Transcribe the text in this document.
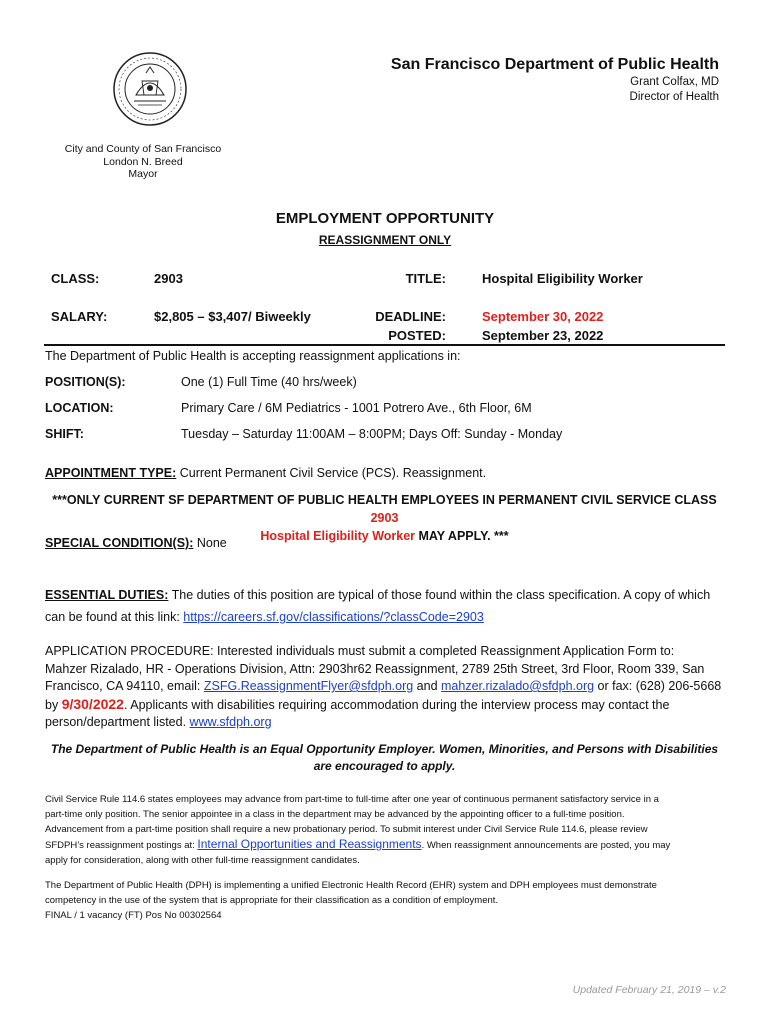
San Francisco Department of Public Health
Grant Colfax, MD
Director of Health
City and County of San Francisco
London N. Breed
Mayor
EMPLOYMENT OPPORTUNITY
REASSIGNMENT ONLY
CLASS:	2903	TITLE:	Hospital Eligibility Worker
SALARY:	$2,805 – $3,407/ Biweekly	DEADLINE:	September 30, 2022
POSTED:	September 23, 2022
The Department of Public Health is accepting reassignment applications in:
POSITION(S):	One (1) Full Time (40 hrs/week)
LOCATION:	Primary Care / 6M Pediatrics - 1001 Potrero Ave., 6th Floor, 6M
SHIFT:	Tuesday – Saturday 11:00AM – 8:00PM; Days Off: Sunday - Monday
APPOINTMENT TYPE: Current Permanent Civil Service (PCS). Reassignment.
***ONLY CURRENT SF DEPARTMENT OF PUBLIC HEALTH EMPLOYEES IN PERMANENT CIVIL SERVICE CLASS 2903
Hospital Eligibility Worker MAY APPLY. ***
SPECIAL CONDITION(S): None
ESSENTIAL DUTIES: The duties of this position are typical of those found within the class specification. A copy of which
can be found at this link: https://careers.sf.gov/classifications/?classCode=2903
APPLICATION PROCEDURE: Interested individuals must submit a completed Reassignment Application Form to:
Mahzer Rizalado, HR - Operations Division, Attn: 2903hr62 Reassignment, 2789 25th Street, 3rd Floor, Room 339, San
Francisco, CA 94110, email: ZSFG.ReassignmentFlyer@sfdph.org and mahzer.rizalado@sfdph.org or fax: (628) 206-5668
by 9/30/2022. Applicants with disabilities requiring accommodation during the interview process may contact the
person/department listed. www.sfdph.org
The Department of Public Health is an Equal Opportunity Employer. Women, Minorities, and Persons with Disabilities
are encouraged to apply.
Civil Service Rule 114.6 states employees may advance from part-time to full-time after one year of continuous permanent satisfactory service in a
part-time only position. The senior appointee in a class in the department may be advanced by the appointing officer to a full-time position.
Advancement from a part-time position shall require a new probationary period. To submit interest under Civil Service Rule 114.6, please review
SFDPH’s reassignment postings at: Internal Opportunities and Reassignments. When reassignment announcements are posted, you may
apply for consideration, along with other full-time reassignment candidates.
The Department of Public Health (DPH) is implementing a unified Electronic Health Record (EHR) system and DPH employees must demonstrate
competency in the use of the system that is appropriate for their classification as a condition of employment.
FINAL / 1 vacancy (FT) Pos No 00302564
Updated February 21, 2019 – v.2
